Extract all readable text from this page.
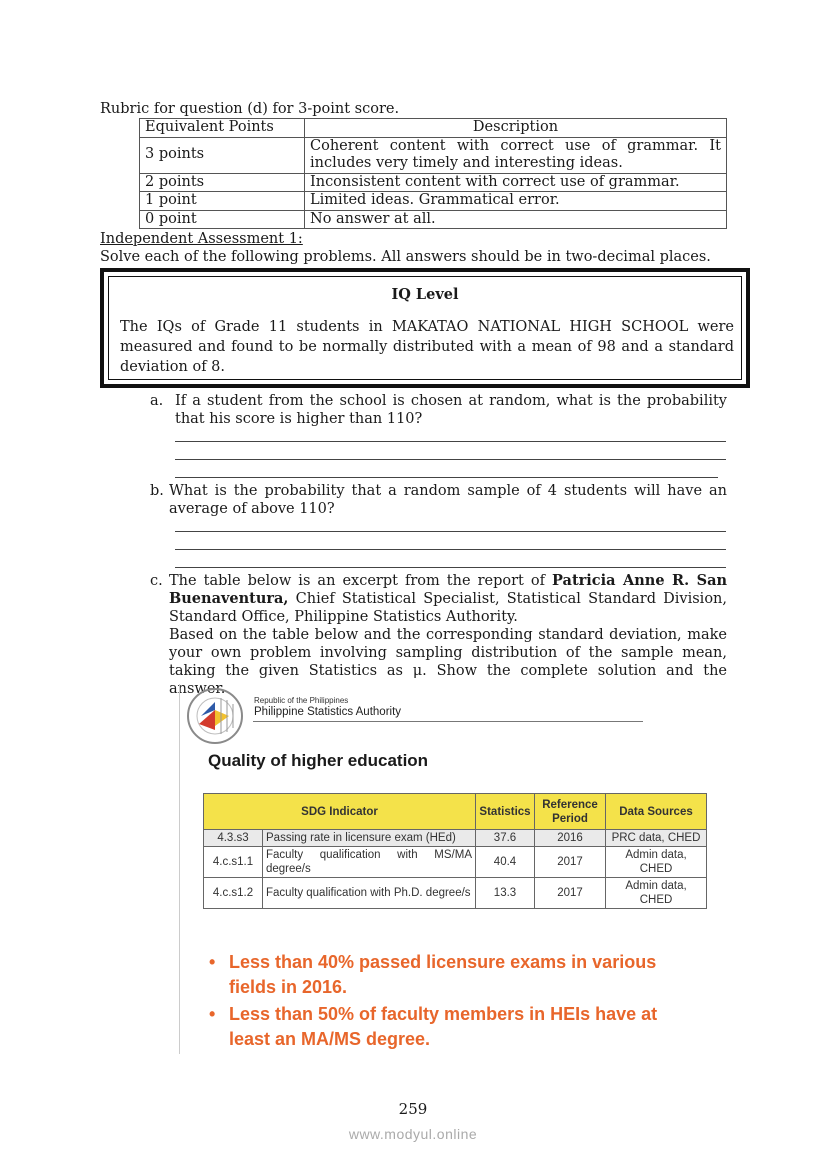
Rubric for question (d) for 3-point score.
Equivalent Points	Description
3 points	Coherent content with correct use of grammar. It includes very timely and interesting ideas.
2 points	Inconsistent content with correct use of grammar.
1 point	Limited ideas. Grammatical error.
0 point	No answer at all.
Independent Assessment 1:
Solve each of the following problems. All answers should be in two-decimal places.
IQ Level
The IQs of Grade 11 students in MAKATAO NATIONAL HIGH SCHOOL were measured and found to be normally distributed with a mean of 98 and a standard deviation of 8.
a. If a student from the school is chosen at random, what is the probability that his score is higher than 110?
b. What is the probability that a random sample of 4 students will have an average of above 110?
c. The table below is an excerpt from the report of Patricia Anne R. San Buenaventura, Chief Statistical Specialist, Statistical Standard Division, Standard Office, Philippine Statistics Authority.
Based on the table below and the corresponding standard deviation, make your own problem involving sampling distribution of the sample mean, taking the given Statistics as μ. Show the complete solution and the answer.
Republic of the Philippines
Philippine Statistics Authority
Quality of higher education
SDG Indicator		Statistics	Reference Period	Data Sources
4.3.s3	Passing rate in licensure exam (HEd)	37.6	2016	PRC data, CHED
4.c.s1.1	Faculty qualification with MS/MA degree/s	40.4	2017	Admin data, CHED
4.c.s1.2	Faculty qualification with Ph.D. degree/s	13.3	2017	Admin data, CHED
• Less than 40% passed licensure exams in various fields in 2016.
• Less than 50% of faculty members in HEIs have at least an MA/MS degree.
259
www.modyul.online
